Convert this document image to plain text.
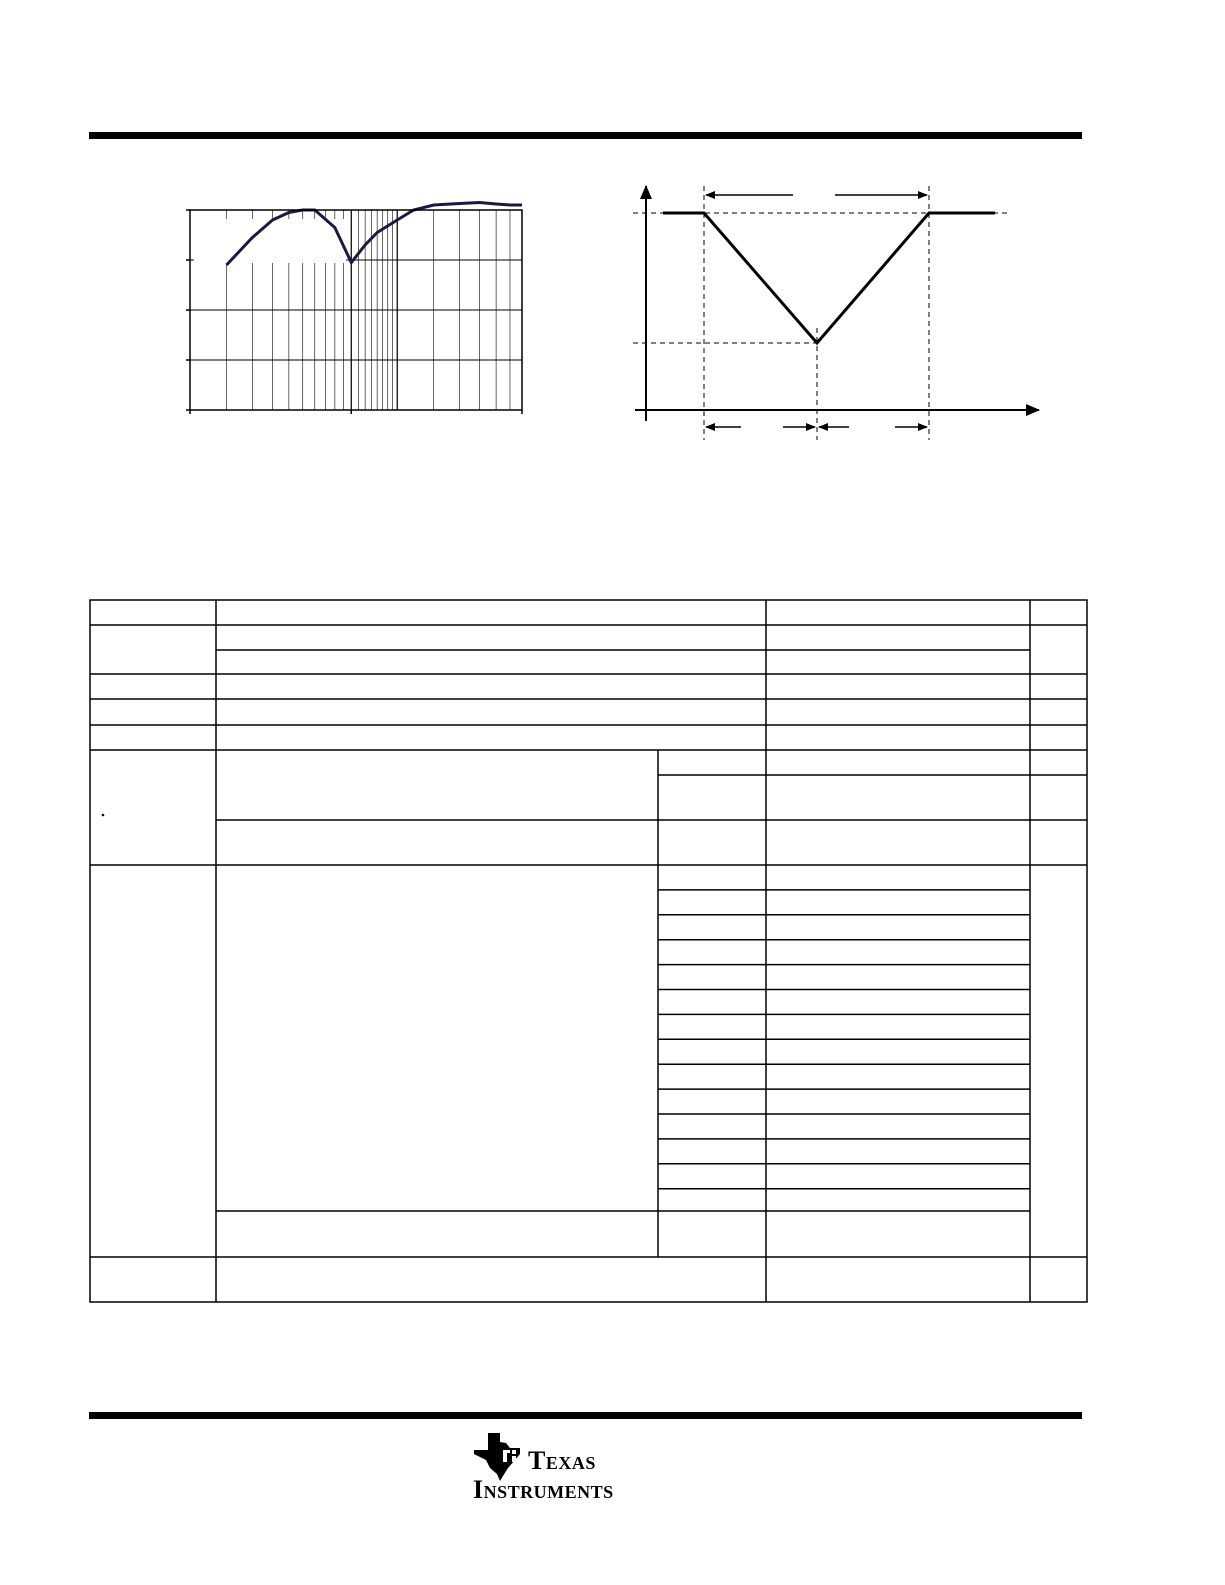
Texas
Instruments
